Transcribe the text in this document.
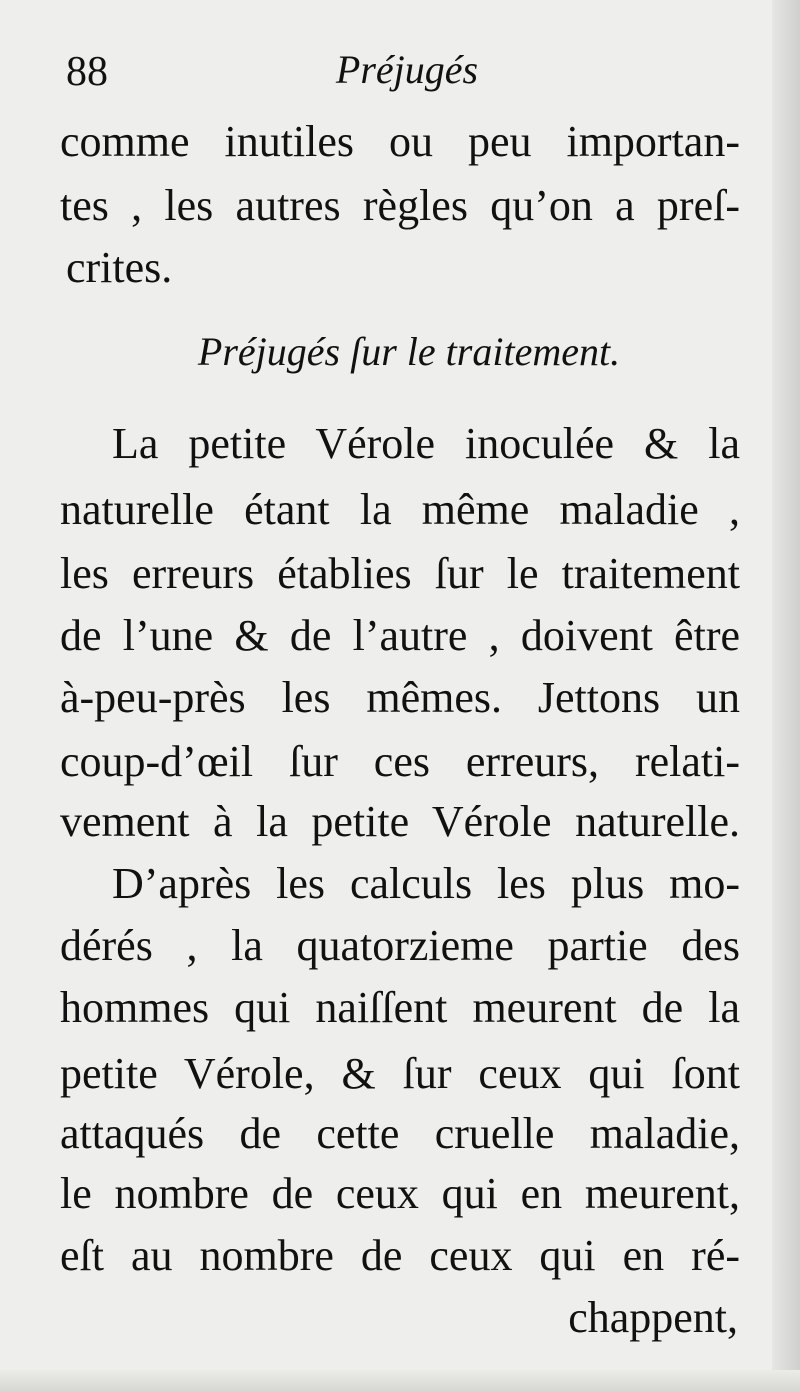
88	Préjugés
comme inutiles ou peu importan-
tes , les autres règles qu’on a preſ-
crites.
Préjugés ſur le traitement.
La petite Vérole inoculée & la
naturelle étant la même maladie ,
les erreurs établies ſur le traitement
de l’une & de l’autre , doivent être
à-peu-près les mêmes. Jettons un
coup-d’œil ſur ces erreurs, relati-
vement à la petite Vérole naturelle.
D’après les calculs les plus mo-
dérés , la quatorzieme partie des
hommes qui naiſſent meurent de la
petite Vérole, & ſur ceux qui ſont
attaqués de cette cruelle maladie,
le nombre de ceux qui en meurent,
eſt au nombre de ceux qui en ré-
chappent,
